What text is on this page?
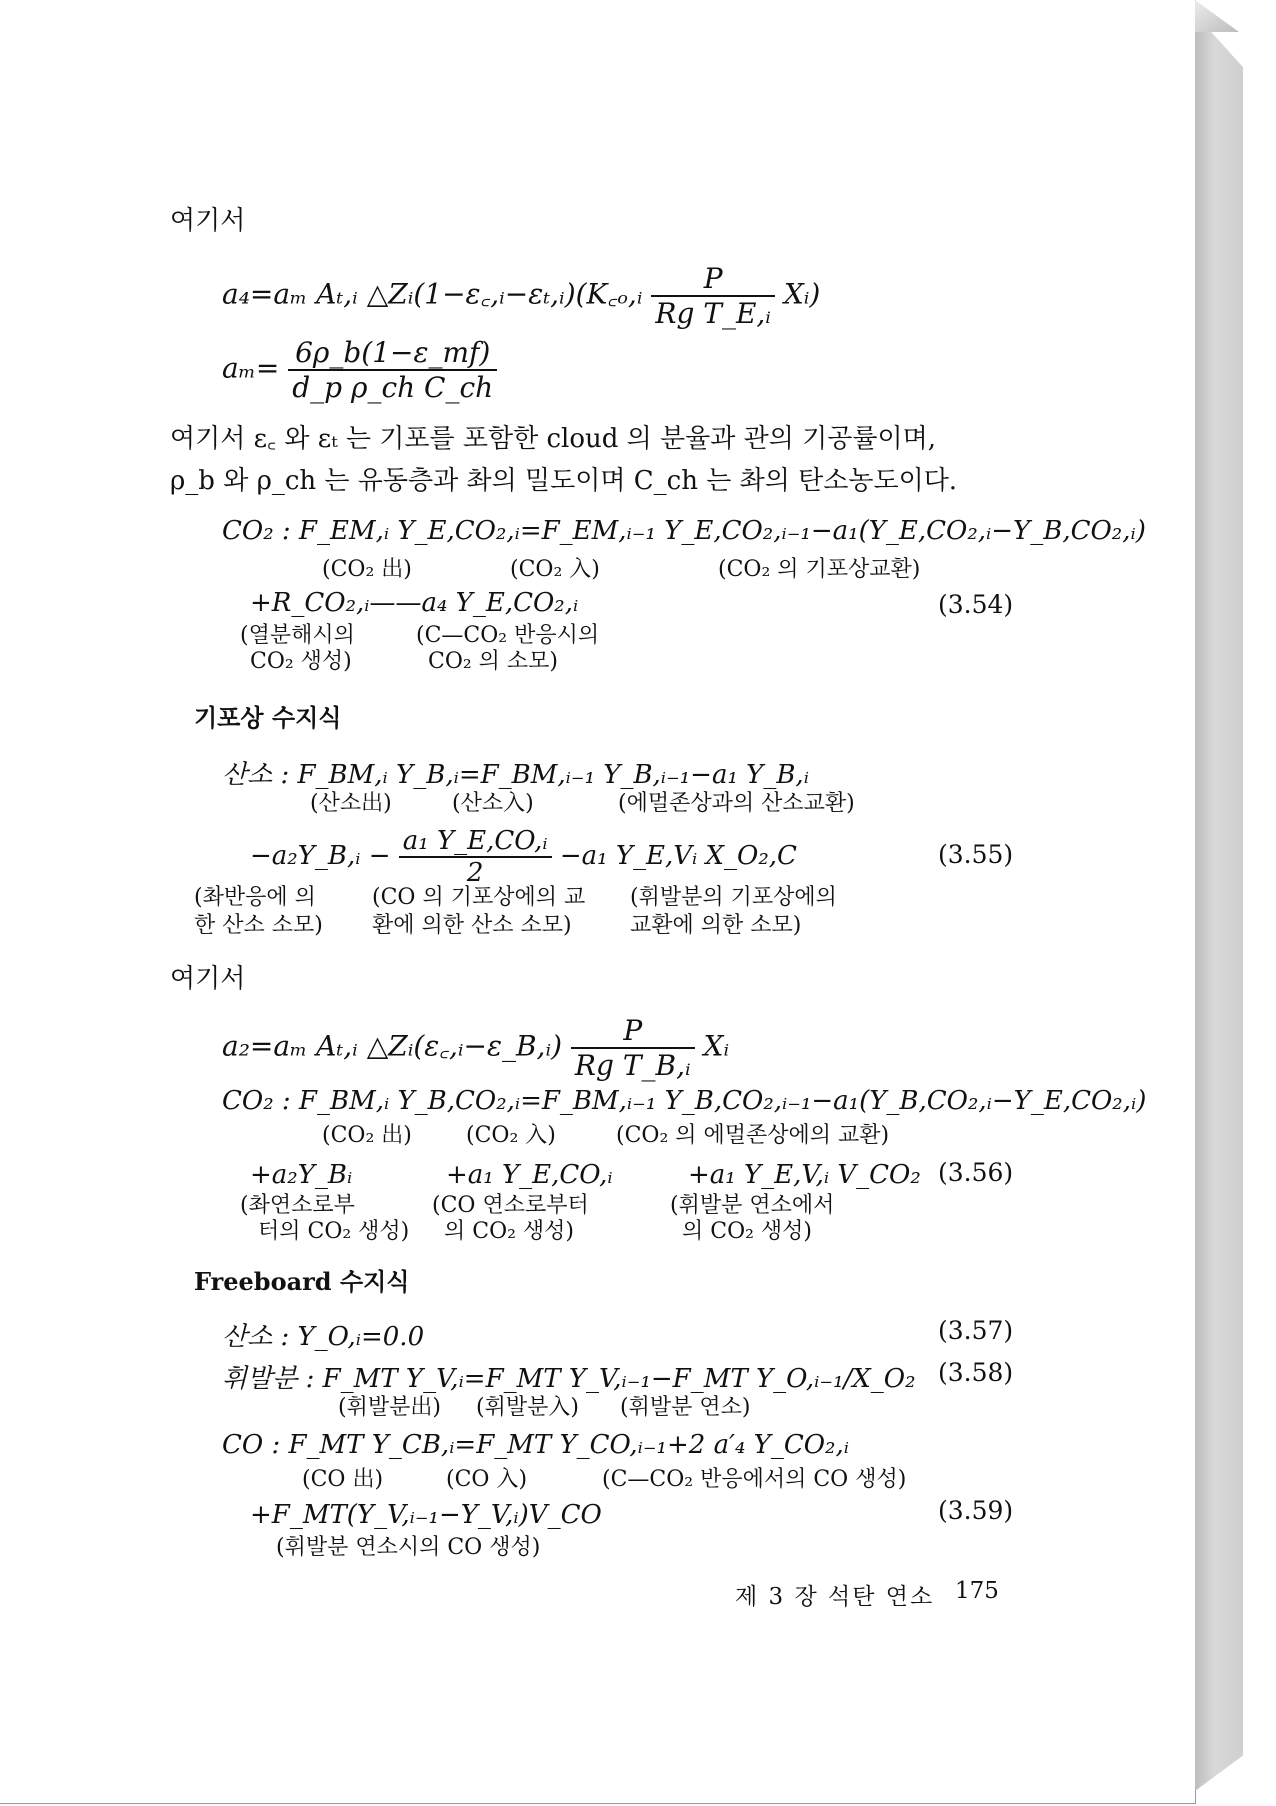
여기서
a₄=aₘ Aₜ,ᵢ △Zᵢ(1−ε꜀,ᵢ−εₜ,ᵢ)(K꜀ₒ,ᵢ $\frac{P}{\text{R𝑔 T\_E,ᵢ}}$ Xᵢ)
$a_m= \frac{6\rho\_b(1-\varepsilon\_mf)}{\text{d\_p ρ\_ch C\_ch}}$
여기서 ε꜀ 와 εₜ 는 기포를 포함한 cloud 의 분율과 관의 기공률이며,
ρ_b 와 ρ_ch 는 유동층과 촤의 밀도이며 C_ch 는 촤의 탄소농도이다.
CO₂ : F_EM,ᵢ Y_E,CO₂,ᵢ=F_EM,ᵢ₋₁ Y_E,CO₂,ᵢ₋₁−a₁(Y_E,CO₂,ᵢ−Y_B,CO₂,ᵢ)
(CO₂ 出)	(CO₂ 入)	(CO₂ 의 기포상교환)
+R_CO₂,ᵢ——a₄ Y_E,CO₂,ᵢ	(3.54)
(열분해시의
CO₂ 생성)
(C—CO₂ 반응시의
CO₂ 의 소모)
기포상 수지식
산소 : F_BM,ᵢ Y_B,ᵢ=F_BM,ᵢ₋₁ Y_B,ᵢ₋₁−a₁ Y_B,ᵢ
(산소出)	(산소入)	(에멀존상과의 산소교환)
−a₂Y_B,ᵢ − $\frac{\text{a₁ Y\_E,CO,ᵢ}}{2} -a_1$ Y_E,Vᵢ X_O₂,C	(3.55)
(촤반응에 의
한 산소 소모)
(CO 의 기포상에의 교
환에 의한 산소 소모)
(휘발분의 기포상에의
교환에 의한 소모)
여기서
a₂=aₘ Aₜ,ᵢ △Zᵢ(ε꜀,ᵢ−ε_B,ᵢ) $\frac{P}{\text{R𝑔 T\_B,ᵢ}}$ Xᵢ
CO₂ : F_BM,ᵢ Y_B,CO₂,ᵢ=F_BM,ᵢ₋₁ Y_B,CO₂,ᵢ₋₁−a₁(Y_B,CO₂,ᵢ−Y_E,CO₂,ᵢ)
(CO₂ 出) (CO₂ 入)	(CO₂ 의 에멀존상에의 교환)
+a₂Y_Bᵢ	+a₁ Y_E,CO,ᵢ	+a₁ Y_E,V,ᵢ V_CO₂ (3.56)
(촤연소로부
터의 CO₂ 생성)
(CO 연소로부터
의 CO₂ 생성)
(휘발분 연소에서
의 CO₂ 생성)
Freeboard 수지식
산소 : Y_O,ᵢ=0.0	(3.57)
휘발분 : F_MT Y_V,ᵢ=F_MT Y_V,ᵢ₋₁−F_MT Y_O,ᵢ₋₁/X_O₂ (3.58)
(휘발분出) (휘발분入) (휘발분 연소)
CO : F_MT Y_CB,ᵢ=F_MT Y_CO,ᵢ₋₁+2 a′₄ Y_CO₂,ᵢ
(CO 出)	(CO 入)	(C—CO₂ 반응에서의 CO 생성)
+F_MT(Y_V,ᵢ₋₁−Y_V,ᵢ)V_CO	(3.59)
(휘발분 연소시의 CO 생성)
제 3 장 석탄 연소 175
